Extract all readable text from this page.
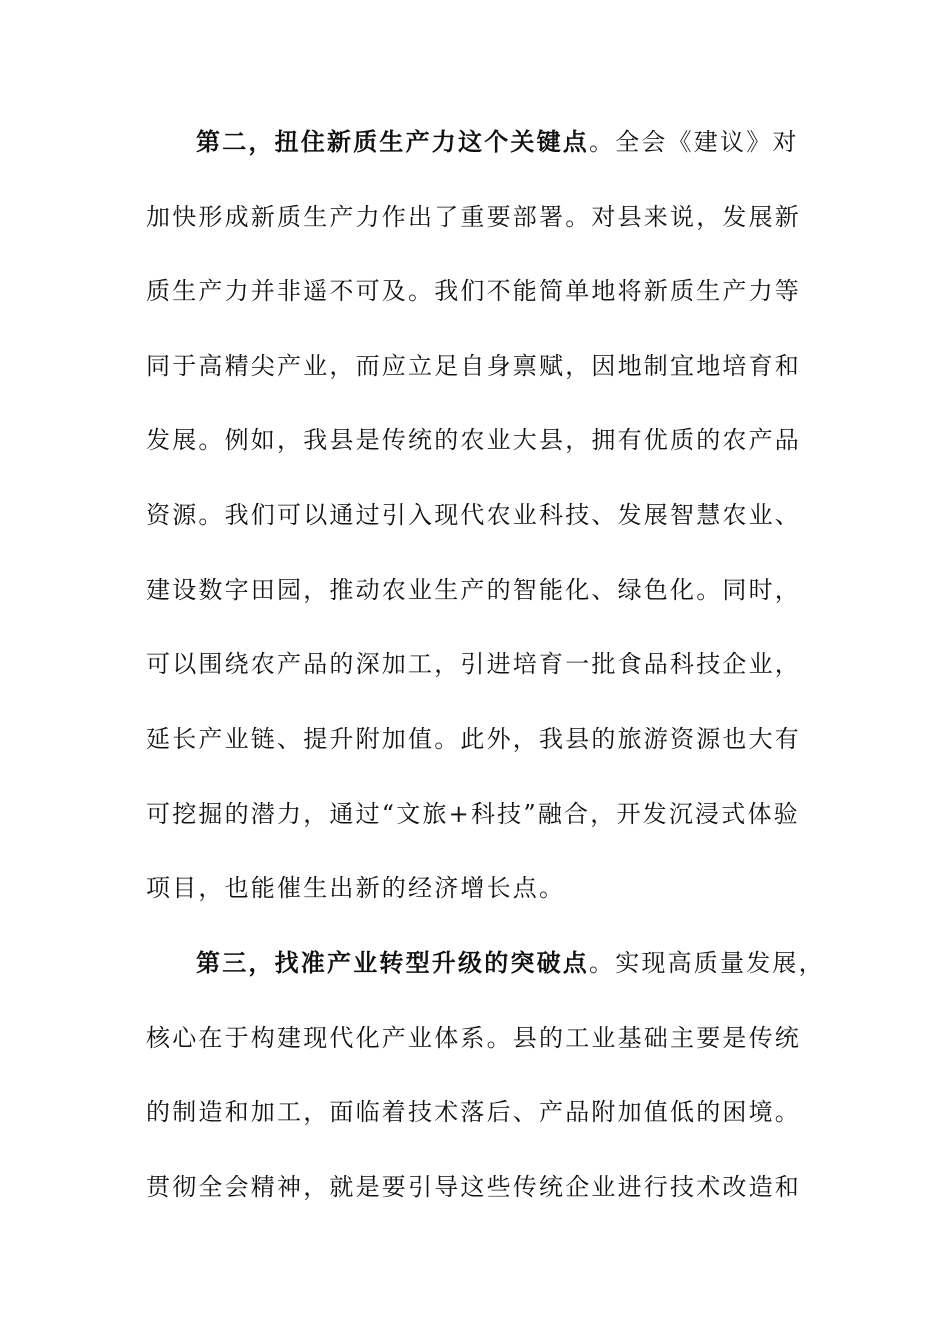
第二，扭住新质生产力这个关键点。全会《建议》对
加快形成新质生产力作出了重要部署。对县来说，发展新
质生产力并非遥不可及。我们不能简单地将新质生产力等
同于高精尖产业，而应立足自身禀赋，因地制宜地培育和
发展。例如，我县是传统的农业大县，拥有优质的农产品
资源。我们可以通过引入现代农业科技、发展智慧农业、
建设数字田园，推动农业生产的智能化、绿色化。同时，
可以围绕农产品的深加工，引进培育一批食品科技企业，
延长产业链、提升附加值。此外，我县的旅游资源也大有
可挖掘的潜力，通过“文旅+科技”融合，开发沉浸式体验
项目，也能催生出新的经济增长点。
第三，找准产业转型升级的突破点。实现高质量发展，
核心在于构建现代化产业体系。县的工业基础主要是传统
的制造和加工，面临着技术落后、产品附加值低的困境。
贯彻全会精神，就是要引导这些传统企业进行技术改造和
